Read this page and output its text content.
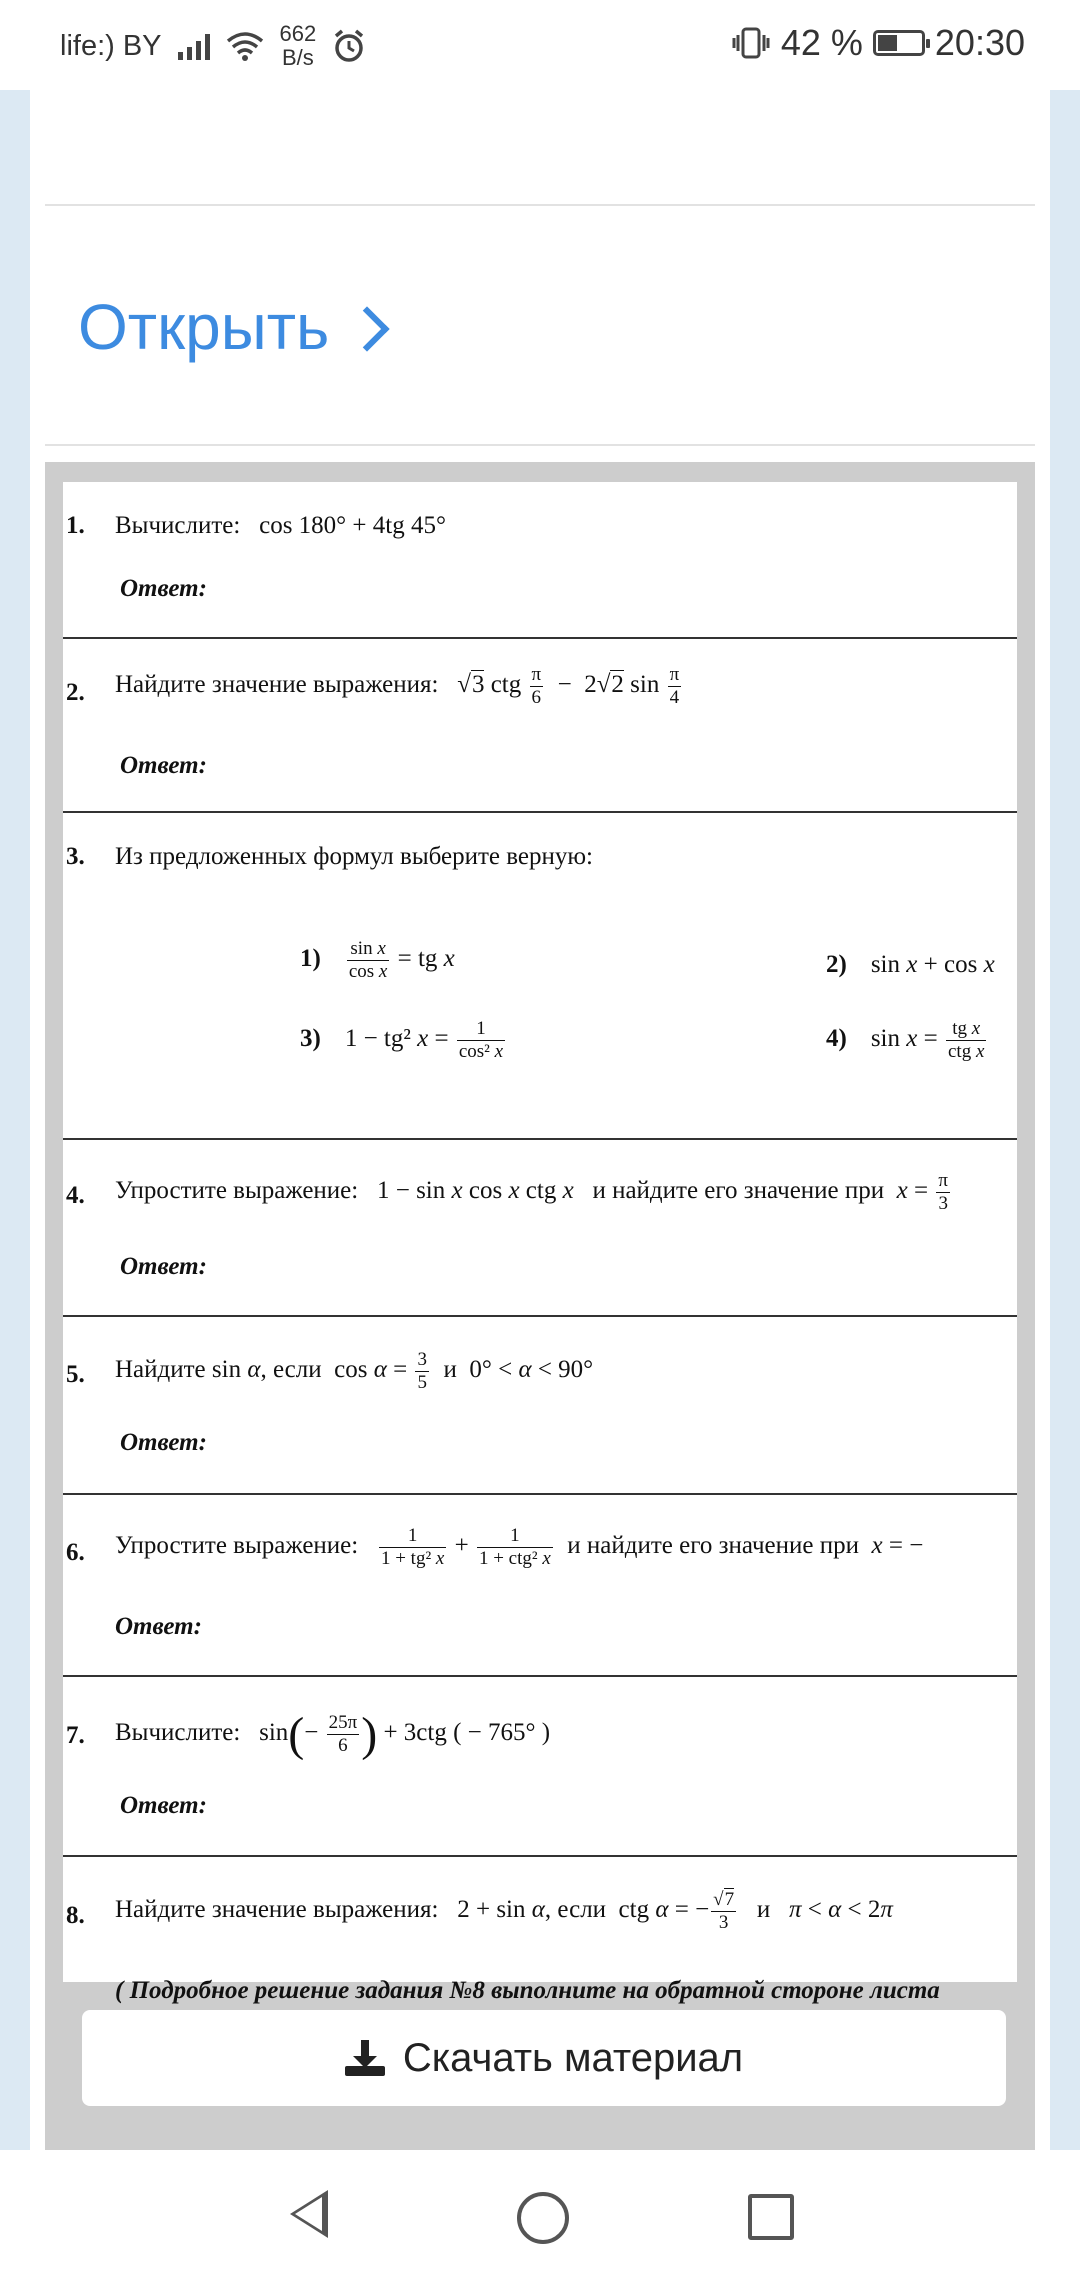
life:) BY	662
B/s	42 % 20:30
Открыть
1. Вычислите: cos 180° + 4tg 45°
Ответ:
2. Найдите значение выражения: √3 ctg $\frac{\pi}{6} - 2√2$ $\sin \frac{\pi}{4}$
Ответ:
3. Из предложенных формул выберите верную:
$1) \frac{\text{sin x}}{\text{cos x}}$ = tg x	2) sin x + cos x
3) 1 − tg² $x = \frac{1}{\text{cos² x}}$	4) $\sin x = \frac{\text{tg x}}{\text{ctg x}}$
4. Упростите выражение: 1 − sin x cos x ctg x и найдите его значение при $x = \frac{\pi}{3}$
Ответ:
5. Найдите sin α, если  $\cos \alpha = \frac{3}{5}$ и  0° < α < 90°
Ответ:
6. Упростите выражение: $\frac{1}{\text{1 + tg² x}} + \frac{1}{\text{1 + ctg² x}}$ и найдите его значение при x = −
Ответ:
7. Вычислите:   $\sin(- \frac{25\pi}{6}$ ) + 3ctg ( − 765° )
Ответ:
8. Найдите значение выражения:   2 + sin α, если  ctg α = − $\frac{√7}{3}$ и π < α < 2π
( Подробное решение задания №8 выполните на обратной стороне листа
Скачать материал
